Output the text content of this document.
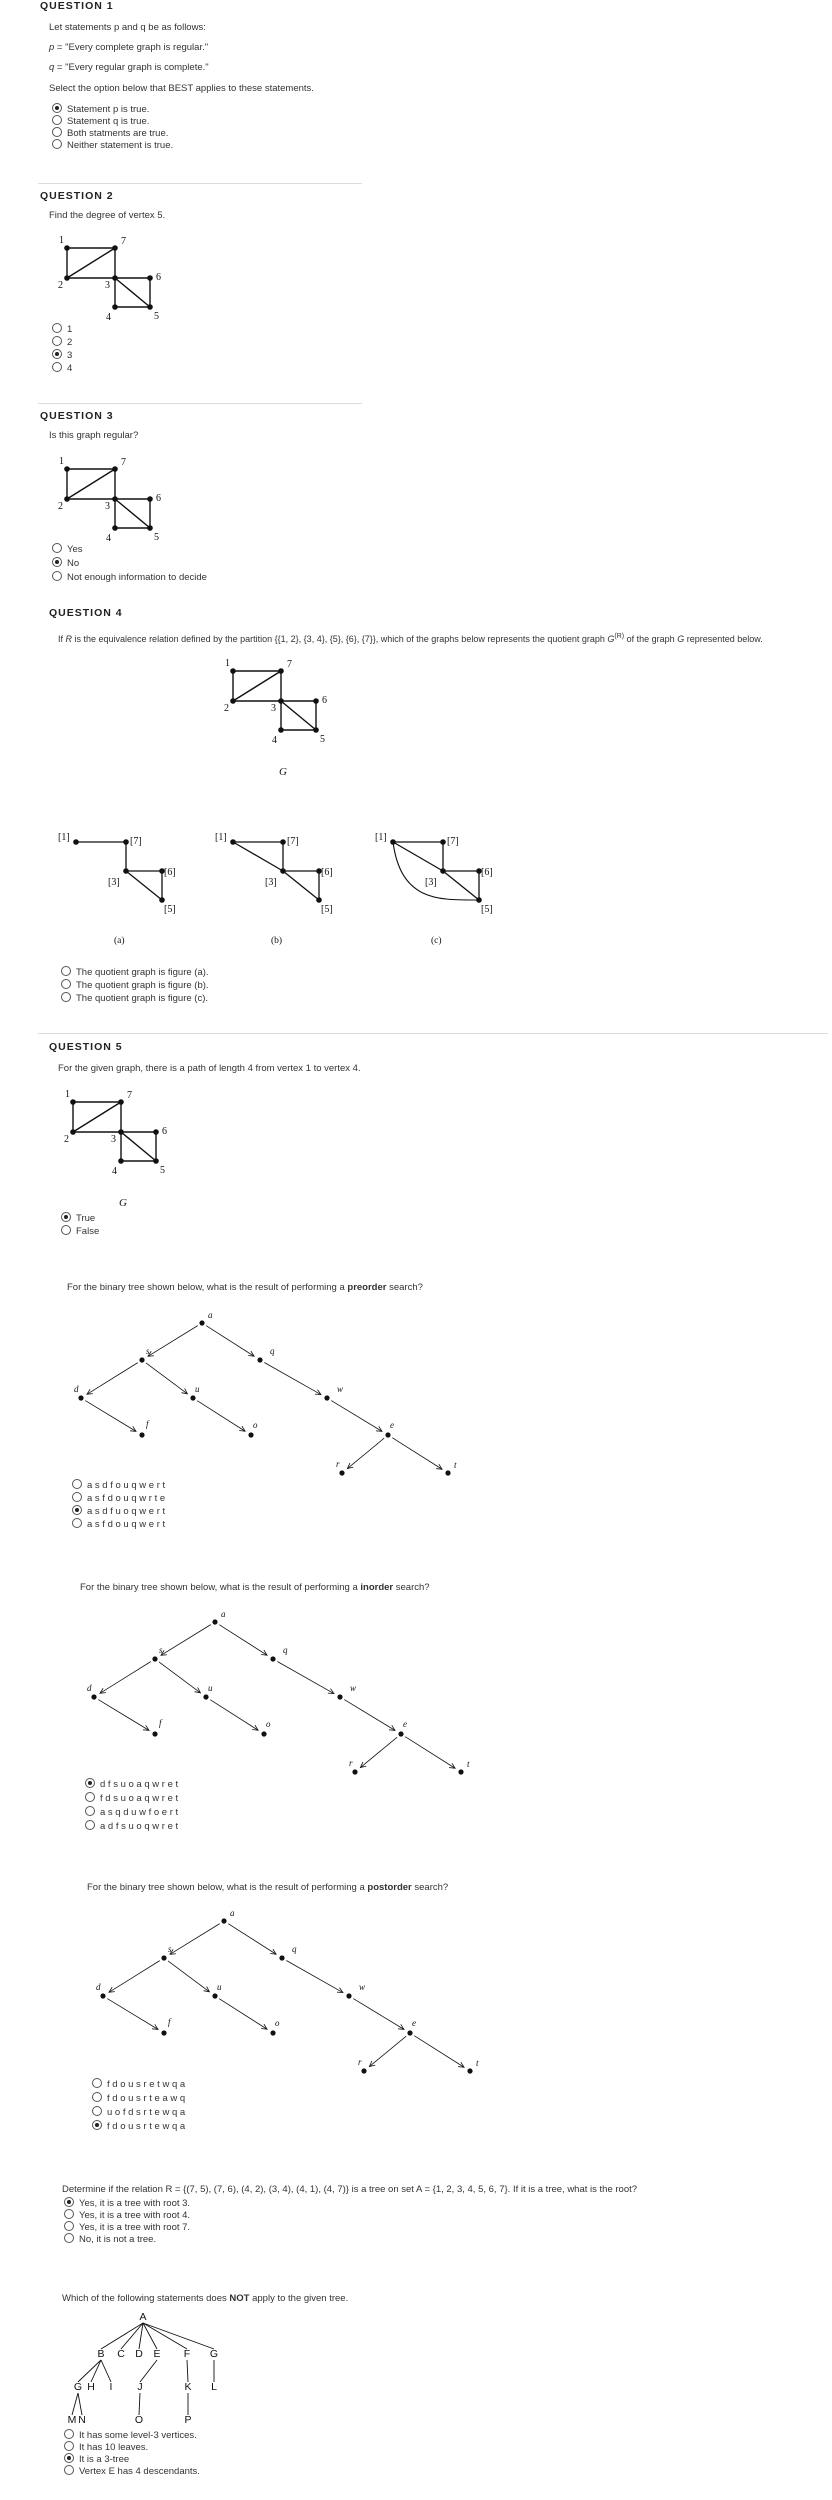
QUESTION 1
Let statements p and q be as follows:
p = "Every complete graph is regular."
q = "Every regular graph is complete."
Select the option below that BEST applies to these statements.
Statement p is true.
Statement q is true.
Both statments are true.
Neither statement is true.
QUESTION 2
Find the degree of vertex 5.
1
2
3
4
QUESTION 3
Is this graph regular?
Yes
No
Not enough information to decide
QUESTION 4
If R is the equivalence relation defined by the partition {{1, 2}, {3, 4}, {5}, {6}, {7}}, which of the graphs below represents the quotient graph $G^{(R)}$ of the graph G represented below.
The quotient graph is figure (a).
The quotient graph is figure (b).
The quotient graph is figure (c).
QUESTION 5
For the given graph, there is a path of length 4 from vertex 1 to vertex 4.
True
False
For the binary tree shown below, what is the result of performing a preorder search?
a s d f o u q w e r t
a s f d o u q w r t e
a s d f u o q w e r t
a s f d o u q w e r t
For the binary tree shown below, what is the result of performing a inorder search?
d f s u o a q w r e t
f d s u o a q w r e t
a s q d u w f o e r t
a d f s u o q w r e t
For the binary tree shown below, what is the result of performing a postorder search?
f d o u s r e t w q a
f d o u s r t e a w q
u o f d s r t e w q a
f d o u s r t e w q a
Determine if the relation R = {(7, 5), (7, 6), (4, 2), (3, 4), (4, 1), (4, 7)} is a tree on set A = {1, 2, 3, 4, 5, 6, 7}. If it is a tree, what is the root?
Yes, it is a tree with root 3.
Yes, it is a tree with root 4.
Yes, it is a tree with root 7.
No, it is not a tree.
Which of the following statements does NOT apply to the given tree.
It has some level-3 vertices.
It has 10 leaves.
It is a 3-tree
Vertex E has 4 descendants.
1
2	3
4	5
6
7
1
2	3
4	5
6
7
1
2	3
4	5
6
7
G
1
2	3
4	5
6
7
G
[1]	[7]
[3]
[6]
[5]
(a)
[1]	[7]
[3]
[6]
[5]
(b)
[1]	[7]
[3]
[6]
[5]
(c)
a
s	q
d	u	w
f	o	e
r	t
a
s	q
d	u	w
f	o	e
r	t
a
s	q
d	u	w
f	o	e
r	t
A
B C D E F G
H I J	K L
M N	O	P
G
